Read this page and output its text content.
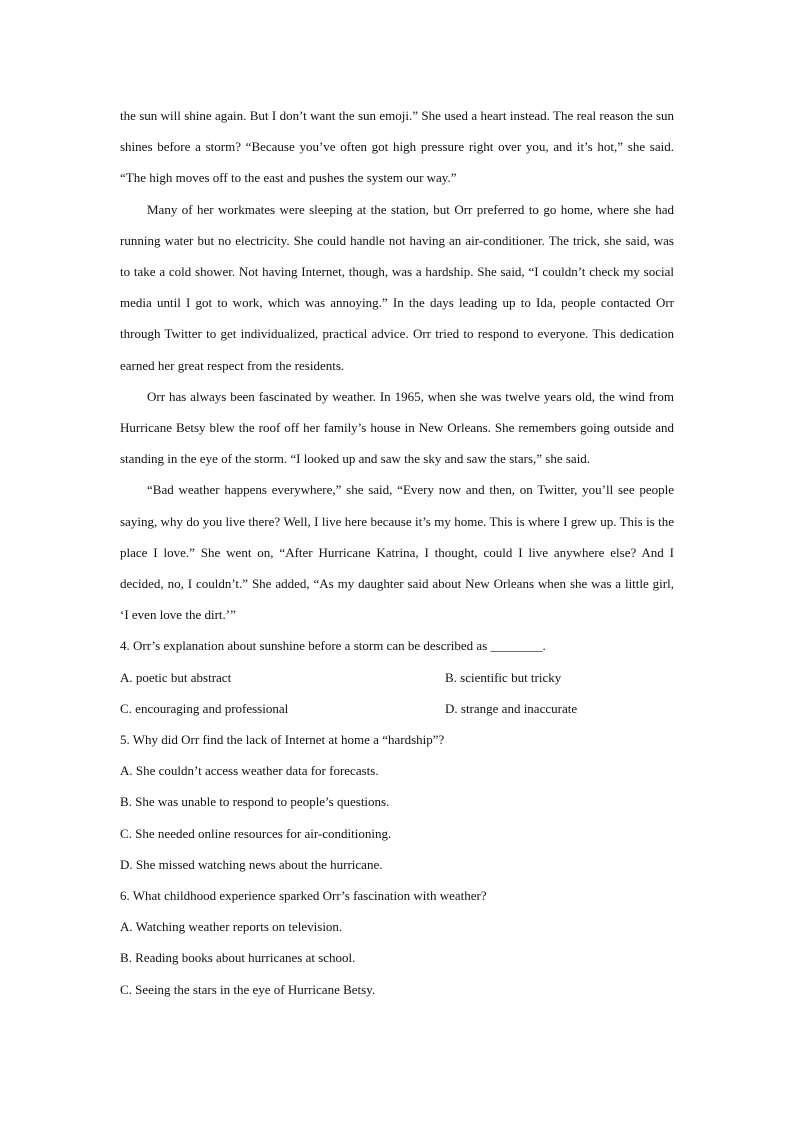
the sun will shine again. But I don’t want the sun emoji.” She used a heart instead. The real reason the sun shines before a storm? “Because you’ve often got high pressure right over you, and it’s hot,” she said. “The high moves off to the east and pushes the system our way.”

Many of her workmates were sleeping at the station, but Orr preferred to go home, where she had running water but no electricity. She could handle not having an air-conditioner. The trick, she said, was to take a cold shower. Not having Internet, though, was a hardship. She said, “I couldn’t check my social media until I got to work, which was annoying.” In the days leading up to Ida, people contacted Orr through Twitter to get individualized, practical advice. Orr tried to respond to everyone. This dedication earned her great respect from the residents.

Orr has always been fascinated by weather. In 1965, when she was twelve years old, the wind from Hurricane Betsy blew the roof off her family’s house in New Orleans. She remembers going outside and standing in the eye of the storm. “I looked up and saw the sky and saw the stars,” she said.

“Bad weather happens everywhere,” she said, “Every now and then, on Twitter, you’ll see people saying, why do you live there? Well, I live here because it’s my home. This is where I grew up. This is the place I love.” She went on, “After Hurricane Katrina, I thought, could I live anywhere else? And I decided, no, I couldn’t.” She added, “As my daughter said about New Orleans when she was a little girl, ‘I even love the dirt.’”

4. Orr’s explanation about sunshine before a storm can be described as ________.

A. poetic but abstract	B. scientific but tricky
C. encouraging and professional	D. strange and inaccurate

5. Why did Orr find the lack of Internet at home a “hardship”?

A. She couldn’t access weather data for forecasts.

B. She was unable to respond to people’s questions.

C. She needed online resources for air-conditioning.

D. She missed watching news about the hurricane.

6. What childhood experience sparked Orr’s fascination with weather?

A. Watching weather reports on television.

B. Reading books about hurricanes at school.

C. Seeing the stars in the eye of Hurricane Betsy.
